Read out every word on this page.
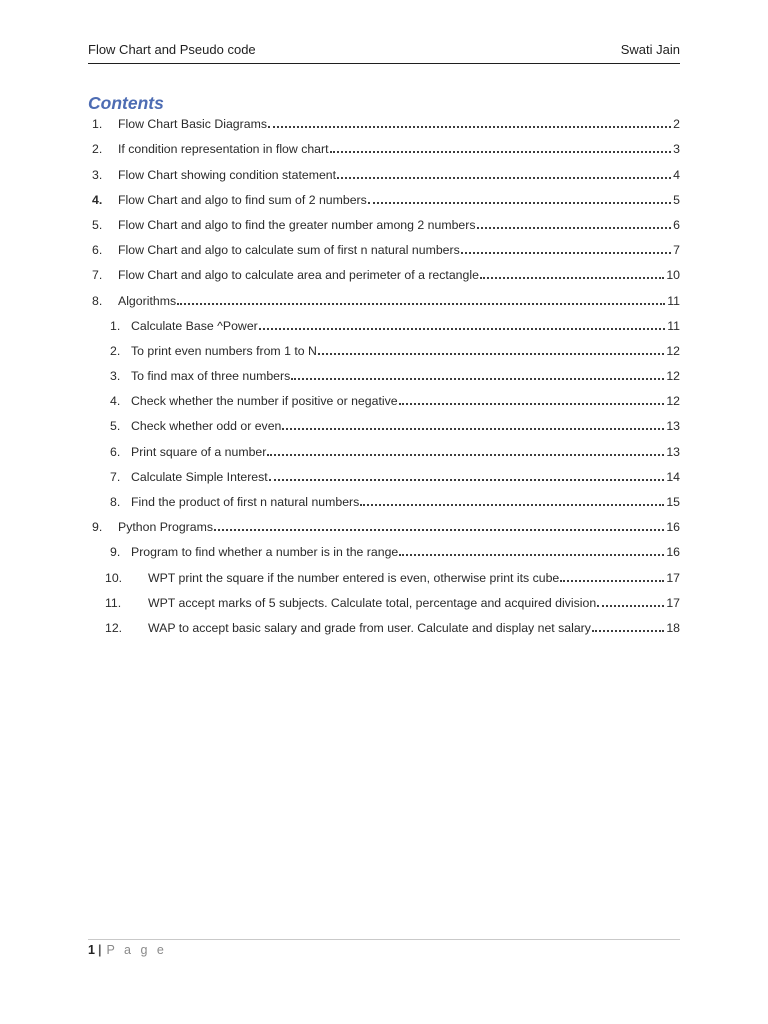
Flow Chart and Pseudo code	Swati Jain
Contents
1.	Flow Chart Basic Diagrams	2
2.	If condition representation in flow chart	3
3.	Flow Chart showing condition statement	4
4.	Flow Chart and algo to find sum of 2 numbers	5
5.	Flow Chart and algo to find the greater number among 2 numbers	6
6.	Flow Chart and algo to calculate sum of first n natural numbers	7
7.	Flow Chart and algo to calculate area and perimeter of a rectangle	10
8.	Algorithms	11
1. Calculate Base ^Power	11
2. To print even numbers from 1 to N	12
3. To find max of three numbers	12
4. Check whether the number if positive or negative	12
5. Check whether odd or even	13
6. Print square of a number	13
7. Calculate Simple Interest	14
8. Find the product of first n natural numbers	15
9.	Python Programs	16
9. Program to find whether a number is in the range	16
10.	WPT print the square if the number entered is even, otherwise print its cube	17
11.	WPT accept marks of 5 subjects. Calculate total, percentage and acquired division	17
12.	WAP to accept basic salary and grade from user. Calculate and display net salary	18
1 | P a g e
